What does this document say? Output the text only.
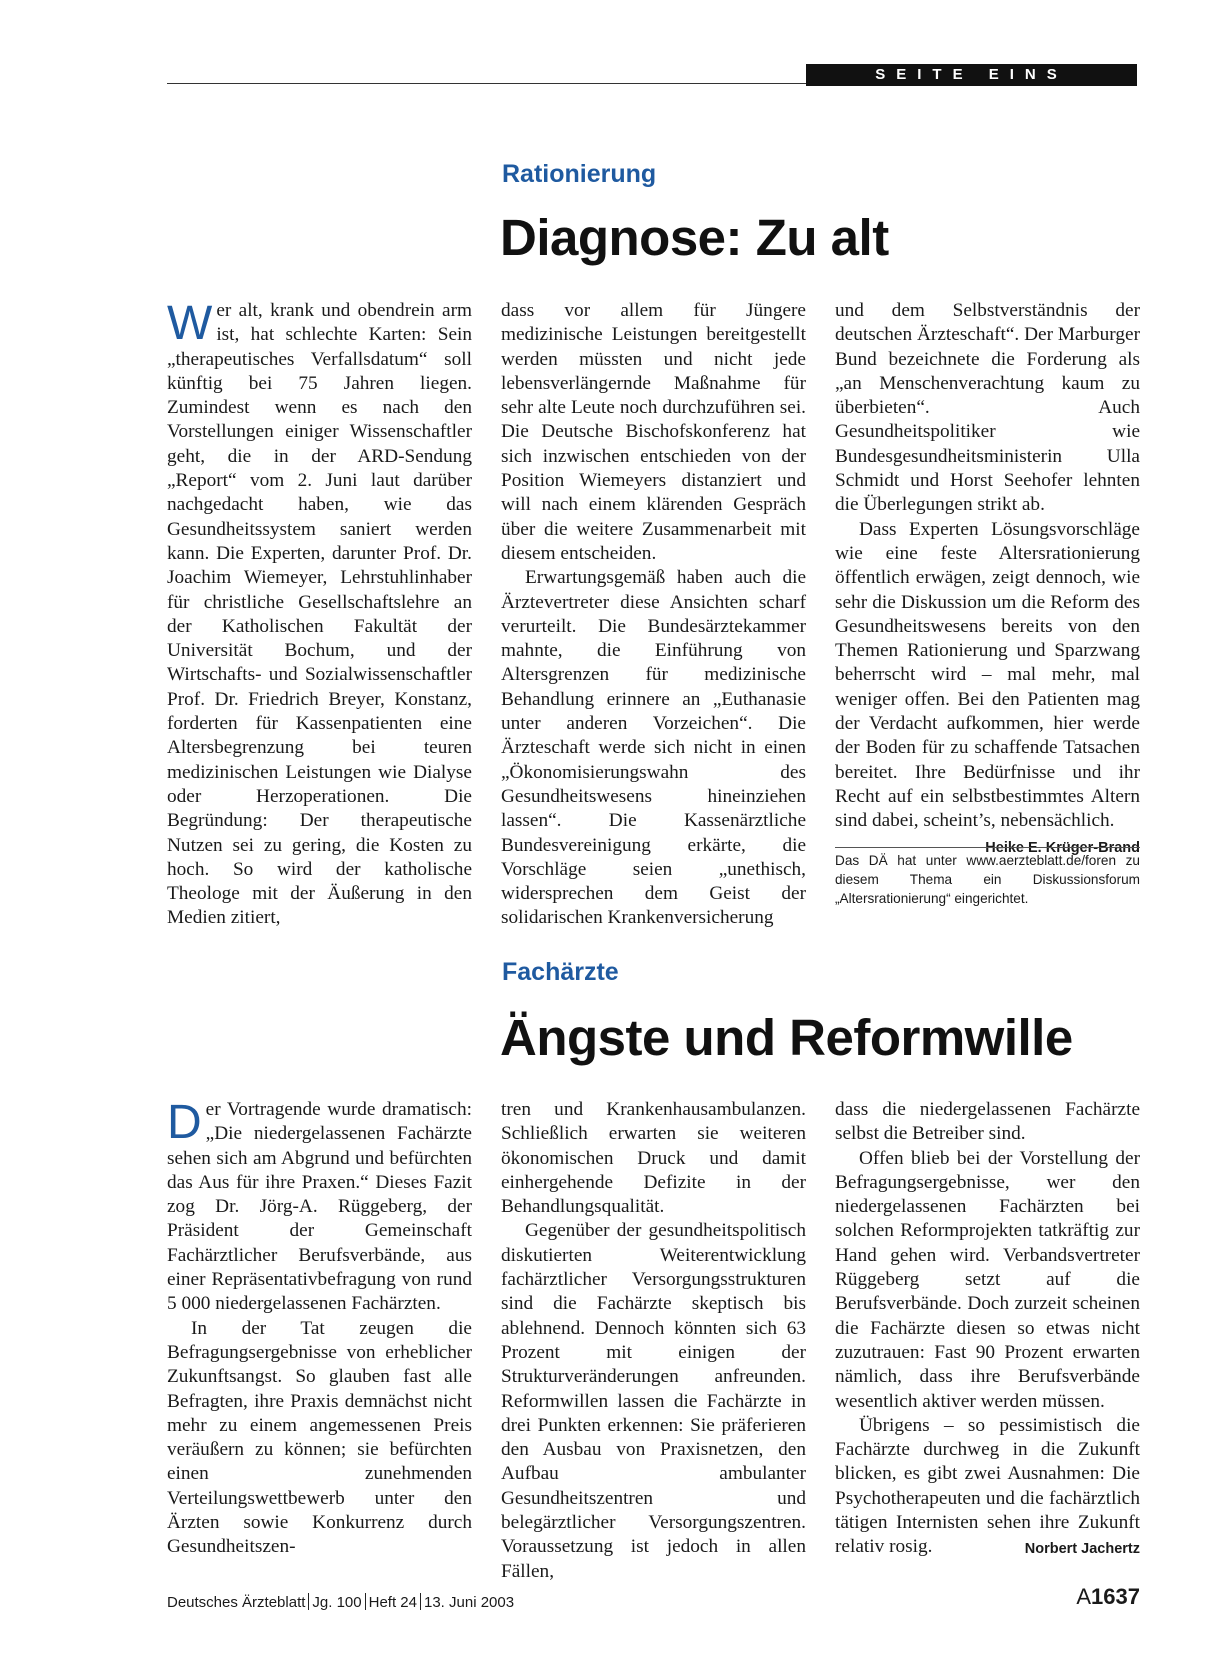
SEITE EINS
Rationierung
Diagnose: Zu alt

Wer alt, krank und obendrein arm ist, hat schlechte Karten: Sein „therapeutisches Verfallsdatum“ soll künftig bei 75 Jahren liegen. Zumindest wenn es nach den Vorstellungen einiger Wissenschaftler geht, die in der ARD-Sendung „Report“ vom 2. Juni laut darüber nachgedacht haben, wie das Gesundheitssystem saniert werden kann. Die Experten, darunter Prof. Dr. Joachim Wiemeyer, Lehrstuhlinhaber für christliche Gesellschaftslehre an der Katholischen Fakultät der Universität Bochum, und der Wirtschafts- und Sozialwissenschaftler Prof. Dr. Friedrich Breyer, Konstanz, forderten für Kassenpatienten eine Altersbegrenzung bei teuren medizinischen Leistungen wie Dialyse oder Herzoperationen. Die Begründung: Der therapeutische Nutzen sei zu gering, die Kosten zu hoch. So wird der katholische Theologe mit der Äußerung in den Medien zitiert,

dass vor allem für Jüngere medizinische Leistungen bereitgestellt werden müssten und nicht jede lebensverlängernde Maßnahme für sehr alte Leute noch durchzuführen sei. Die Deutsche Bischofskonferenz hat sich inzwischen entschieden von der Position Wiemeyers distanziert und will nach einem klärenden Gespräch über die weitere Zusammenarbeit mit diesem entscheiden.

Erwartungsgemäß haben auch die Ärztevertreter diese Ansichten scharf verurteilt. Die Bundesärztekammer mahnte, die Einführung von Altersgrenzen für medizinische Behandlung erinnere an „Euthanasie unter anderen Vorzeichen“. Die Ärzteschaft werde sich nicht in einen „Ökonomisierungswahn des Gesundheitswesens hineinziehen lassen“. Die Kassenärztliche Bundesvereinigung erkärte, die Vorschläge seien „unethisch, widersprechen dem Geist der solidarischen Krankenversicherung

und dem Selbstverständnis der deutschen Ärzteschaft“. Der Marburger Bund bezeichnete die Forderung als „an Menschenverachtung kaum zu überbieten“. Auch Gesundheitspolitiker wie Bundesgesundheitsministerin Ulla Schmidt und Horst Seehofer lehnten die Überlegungen strikt ab.

Dass Experten Lösungsvorschläge wie eine feste Altersrationierung öffentlich erwägen, zeigt dennoch, wie sehr die Diskussion um die Reform des Gesundheitswesens bereits von den Themen Rationierung und Sparzwang beherrscht wird – mal mehr, mal weniger offen. Bei den Patienten mag der Verdacht aufkommen, hier werde der Boden für zu schaffende Tatsachen bereitet. Ihre Bedürfnisse und ihr Recht auf ein selbstbestimmtes Altern sind dabei, scheint’s, nebensächlich.
Heike E. Krüger-Brand

Das DÄ hat unter www.aerzteblatt.de/foren zu diesem Thema ein Diskussionsforum „Altersrationierung“ eingerichtet.
Fachärzte
Ängste und Reformwille

Der Vortragende wurde dramatisch: „Die niedergelassenen Fachärzte sehen sich am Abgrund und befürchten das Aus für ihre Praxen.“ Dieses Fazit zog Dr. Jörg-A. Rüggeberg, der Präsident der Gemeinschaft Fachärztlicher Berufsverbände, aus einer Repräsentativbefragung von rund 5 000 niedergelassenen Fachärzten.

In der Tat zeugen die Befragungsergebnisse von erheblicher Zukunftsangst. So glauben fast alle Befragten, ihre Praxis demnächst nicht mehr zu einem angemessenen Preis veräußern zu können; sie befürchten einen zunehmenden Verteilungswettbewerb unter den Ärzten sowie Konkurrenz durch Gesundheitszen-

tren und Krankenhausambulanzen. Schließlich erwarten sie weiteren ökonomischen Druck und damit einhergehende Defizite in der Behandlungsqualität.

Gegenüber der gesundheitspolitisch diskutierten Weiterentwicklung fachärztlicher Versorgungsstrukturen sind die Fachärzte skeptisch bis ablehnend. Dennoch könnten sich 63 Prozent mit einigen der Strukturveränderungen anfreunden. Reformwillen lassen die Fachärzte in drei Punkten erkennen: Sie präferieren den Ausbau von Praxisnetzen, den Aufbau ambulanter Gesundheitszentren und belegärztlicher Versorgungszentren. Voraussetzung ist jedoch in allen Fällen,

dass die niedergelassenen Fachärzte selbst die Betreiber sind.

Offen blieb bei der Vorstellung der Befragungsergebnisse, wer den niedergelassenen Fachärzten bei solchen Reformprojekten tatkräftig zur Hand gehen wird. Verbandsvertreter Rüggeberg setzt auf die Berufsverbände. Doch zurzeit scheinen die Fachärzte diesen so etwas nicht zuzutrauen: Fast 90 Prozent erwarten nämlich, dass ihre Berufsverbände wesentlich aktiver werden müssen.

Übrigens – so pessimistisch die Fachärzte durchweg in die Zukunft blicken, es gibt zwei Ausnahmen: Die Psychotherapeuten und die fachärztlich tätigen Internisten sehen ihre Zukunft relativ rosig.	Norbert Jachertz

Deutsches Ärzteblatt Jg. 100 Heft 24 13. Juni 2003	A1637
